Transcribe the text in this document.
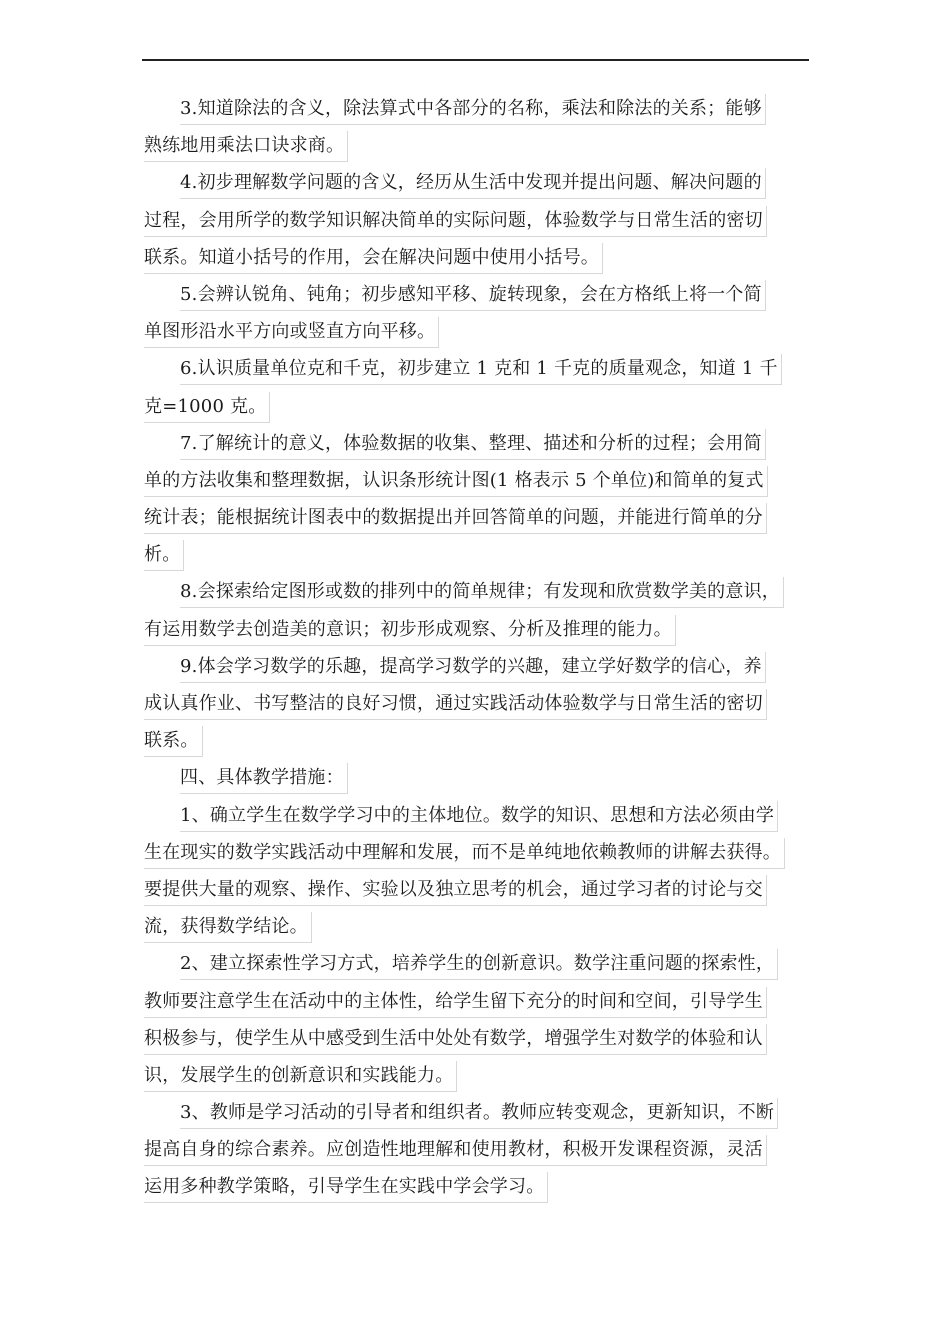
3.知道除法的含义，除法算式中各部分的名称，乘法和除法的关系；能够
熟练地用乘法口诀求商。
4.初步理解数学问题的含义，经历从生活中发现并提出问题、解决问题的
过程，会用所学的数学知识解决简单的实际问题，体验数学与日常生活的密切
联系。知道小括号的作用，会在解决问题中使用小括号。
5.会辨认锐角、钝角；初步感知平移、旋转现象，会在方格纸上将一个简
单图形沿水平方向或竖直方向平移。
6.认识质量单位克和千克，初步建立 1 克和 1 千克的质量观念，知道 1 千
克=1000 克。
7.了解统计的意义，体验数据的收集、整理、描述和分析的过程；会用简
单的方法收集和整理数据，认识条形统计图(1 格表示 5 个单位)和简单的复式
统计表；能根据统计图表中的数据提出并回答简单的问题，并能进行简单的分
析。
8.会探索给定图形或数的排列中的简单规律；有发现和欣赏数学美的意识，
有运用数学去创造美的意识；初步形成观察、分析及推理的能力。
9.体会学习数学的乐趣，提高学习数学的兴趣，建立学好数学的信心，养
成认真作业、书写整洁的良好习惯，通过实践活动体验数学与日常生活的密切
联系。
四、具体教学措施：
1、确立学生在数学学习中的主体地位。数学的知识、思想和方法必须由学
生在现实的数学实践活动中理解和发展，而不是单纯地依赖教师的讲解去获得。
要提供大量的观察、操作、实验以及独立思考的机会，通过学习者的讨论与交
流，获得数学结论。
2、建立探索性学习方式，培养学生的创新意识。数学注重问题的探索性，
教师要注意学生在活动中的主体性，给学生留下充分的时间和空间，引导学生
积极参与，使学生从中感受到生活中处处有数学，增强学生对数学的体验和认
识，发展学生的创新意识和实践能力。
3、教师是学习活动的引导者和组织者。教师应转变观念，更新知识，不断
提高自身的综合素养。应创造性地理解和使用教材，积极开发课程资源，灵活
运用多种教学策略，引导学生在实践中学会学习。
